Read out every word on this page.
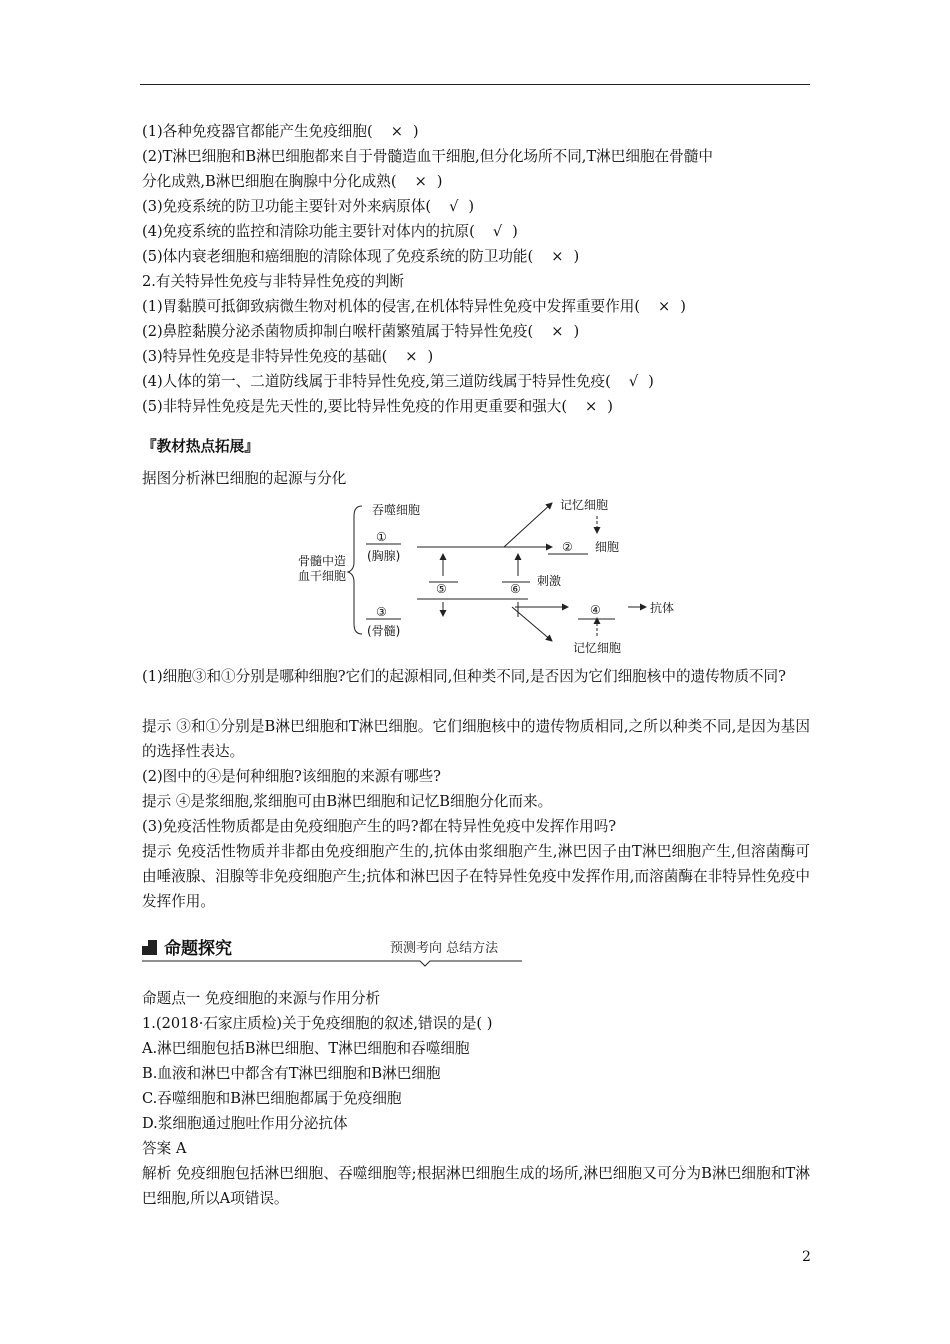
(1)各种免疫器官都能产生免疫细胞( × )
(2)T淋巴细胞和B淋巴细胞都来自于骨髓造血干细胞,但分化场所不同,T淋巴细胞在骨髓中
分化成熟,B淋巴细胞在胸腺中分化成熟( × )
(3)免疫系统的防卫功能主要针对外来病原体( √ )
(4)免疫系统的监控和清除功能主要针对体内的抗原( √ )
(5)体内衰老细胞和癌细胞的清除体现了免疫系统的防卫功能( × )
2.有关特异性免疫与非特异性免疫的判断
(1)胃黏膜可抵御致病微生物对机体的侵害,在机体特异性免疫中发挥重要作用( × )
(2)鼻腔黏膜分泌杀菌物质抑制白喉杆菌繁殖属于特异性免疫( × )
(3)特异性免疫是非特异性免疫的基础( × )
(4)人体的第一、二道防线属于非特异性免疫,第三道防线属于特异性免疫( √ )
(5)非特异性免疫是先天性的,要比特异性免疫的作用更重要和强大( × )
『教材热点拓展』
据图分析淋巴细胞的起源与分化
(1)细胞③和①分别是哪种细胞?它们的起源相同,但种类不同,是否因为它们细胞核中的遗传物质不同?
提示 ③和①分别是B淋巴细胞和T淋巴细胞。它们细胞核中的遗传物质相同,之所以种类不同,是因为基因的选择性表达。
(2)图中的④是何种细胞?该细胞的来源有哪些?
提示 ④是浆细胞,浆细胞可由B淋巴细胞和记忆B细胞分化而来。
(3)免疫活性物质都是由免疫细胞产生的吗?都在特异性免疫中发挥作用吗?
提示 免疫活性物质并非都由免疫细胞产生的,抗体由浆细胞产生,淋巴因子由T淋巴细胞产生,但溶菌酶可由唾液腺、泪腺等非免疫细胞产生;抗体和淋巴因子在特异性免疫中发挥作用,而溶菌酶在非特异性免疫中发挥作用。
命题点一 免疫细胞的来源与作用分析
1.(2018·石家庄质检)关于免疫细胞的叙述,错误的是( )
A.淋巴细胞包括B淋巴细胞、T淋巴细胞和吞噬细胞
B.血液和淋巴中都含有T淋巴细胞和B淋巴细胞
C.吞噬细胞和B淋巴细胞都属于免疫细胞
D.浆细胞通过胞吐作用分泌抗体
答案 A
解析 免疫细胞包括淋巴细胞、吞噬细胞等;根据淋巴细胞生成的场所,淋巴细胞又可分为B淋巴细胞和T淋巴细胞,所以A项错误。
骨髓中造
血干细胞
吞噬细胞
①
(胸腺)
② 细胞
③
(骨髓)
④	抗体
⑤	⑥
刺激
记忆细胞
记忆细胞
命题探究	预测考向 总结方法
2
